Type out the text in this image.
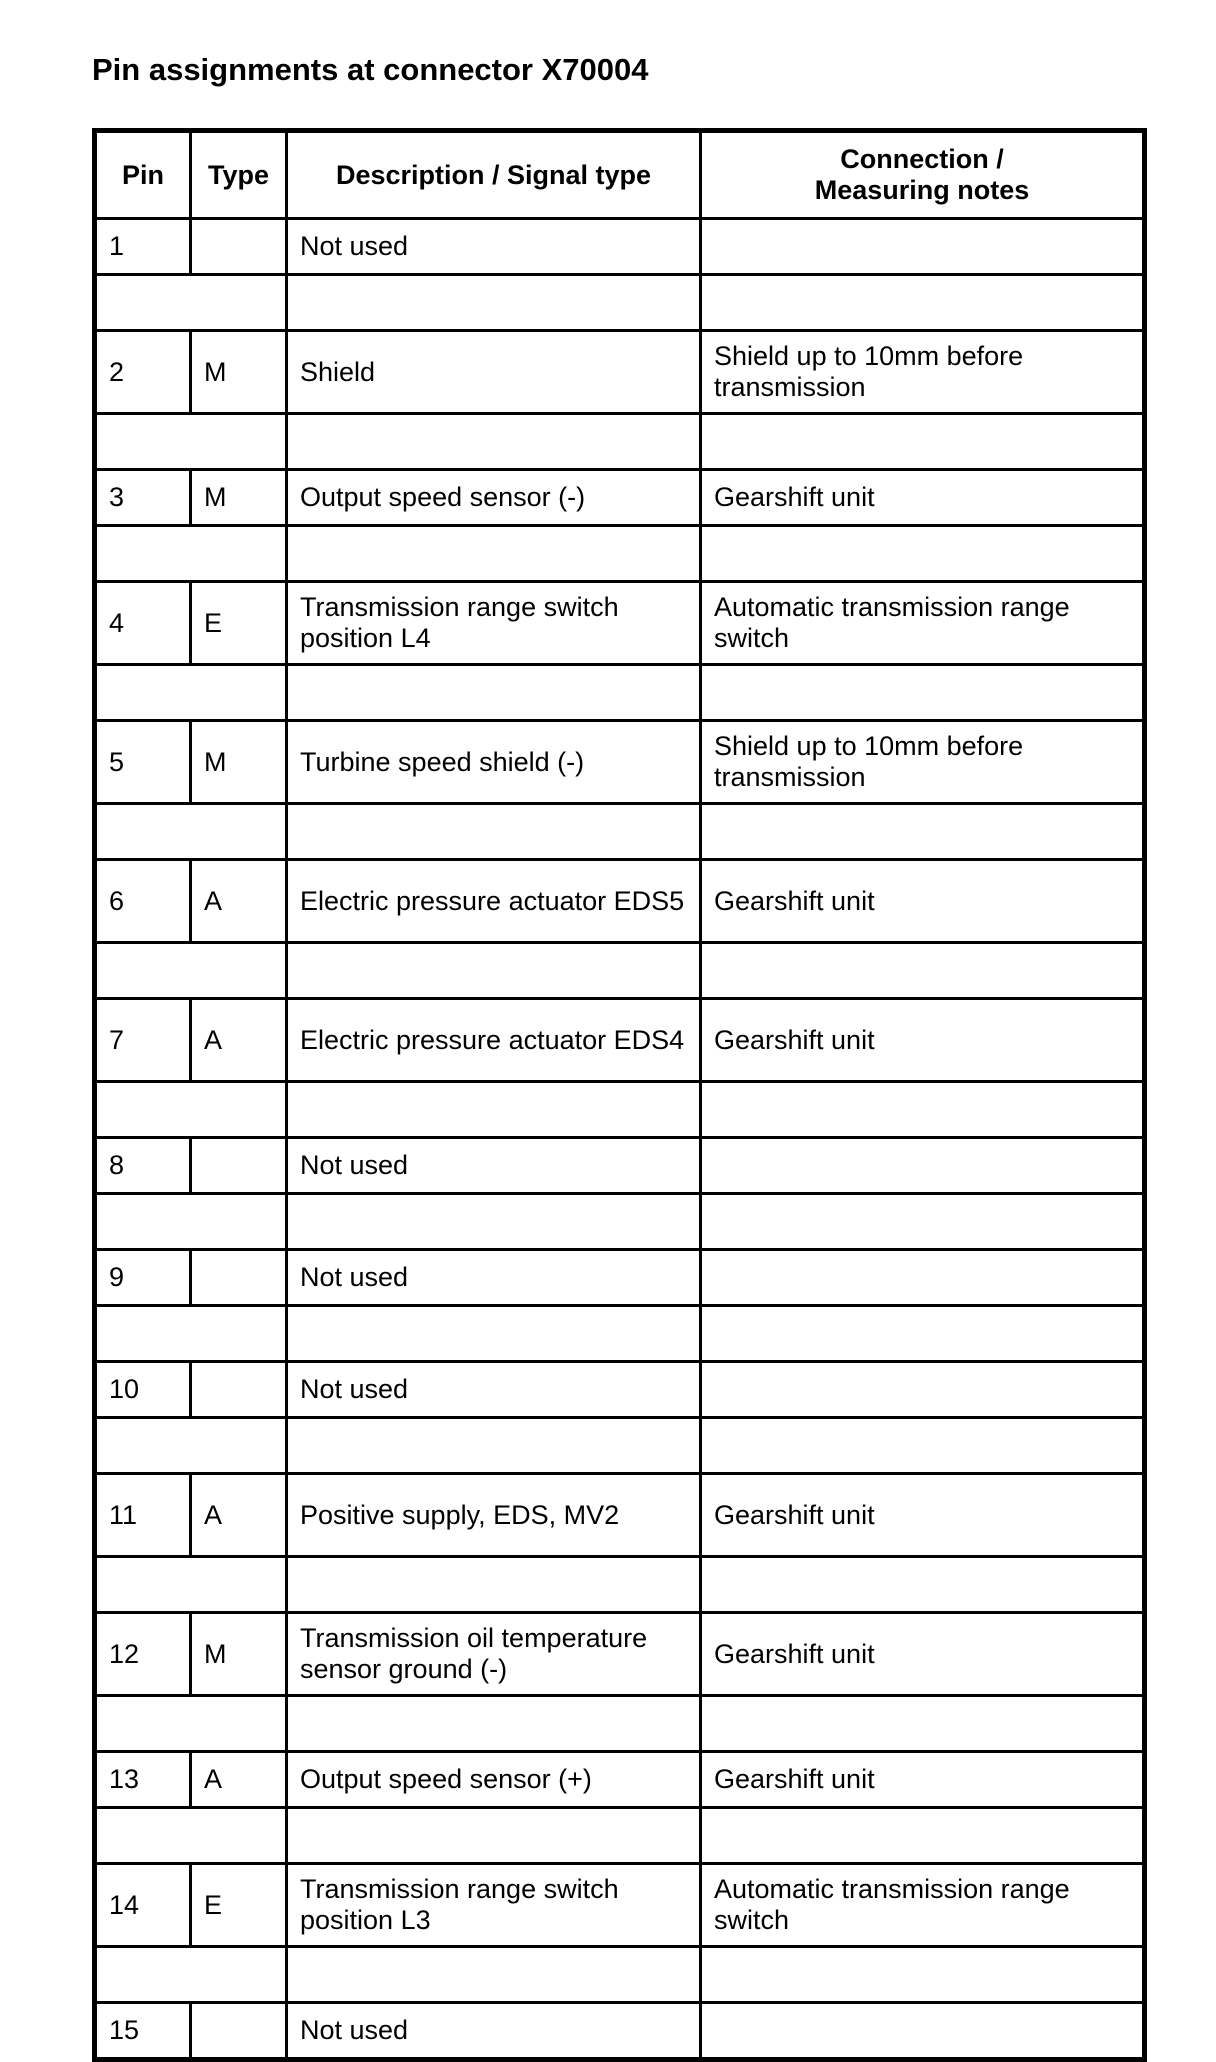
Pin assignments at connector X70004
Pin	Type	Description / Signal type	Connection /
Measuring notes
1		Not used	

2	M	Shield	Shield up to 10mm before transmission

3	M	Output speed sensor (-)	Gearshift unit

4	E	Transmission range switch position L4	Automatic transmission range switch

5	M	Turbine speed shield (-)	Shield up to 10mm before transmission

6	A	Electric pressure actuator EDS5	Gearshift unit

7	A	Electric pressure actuator EDS4	Gearshift unit

8		Not used	

9		Not used	

10		Not used	

11	A	Positive supply, EDS, MV2	Gearshift unit

12	M	Transmission oil temperature sensor ground (-)	Gearshift unit

13	A	Output speed sensor (+)	Gearshift unit

14	E	Transmission range switch position L3	Automatic transmission range switch

15		Not used	
